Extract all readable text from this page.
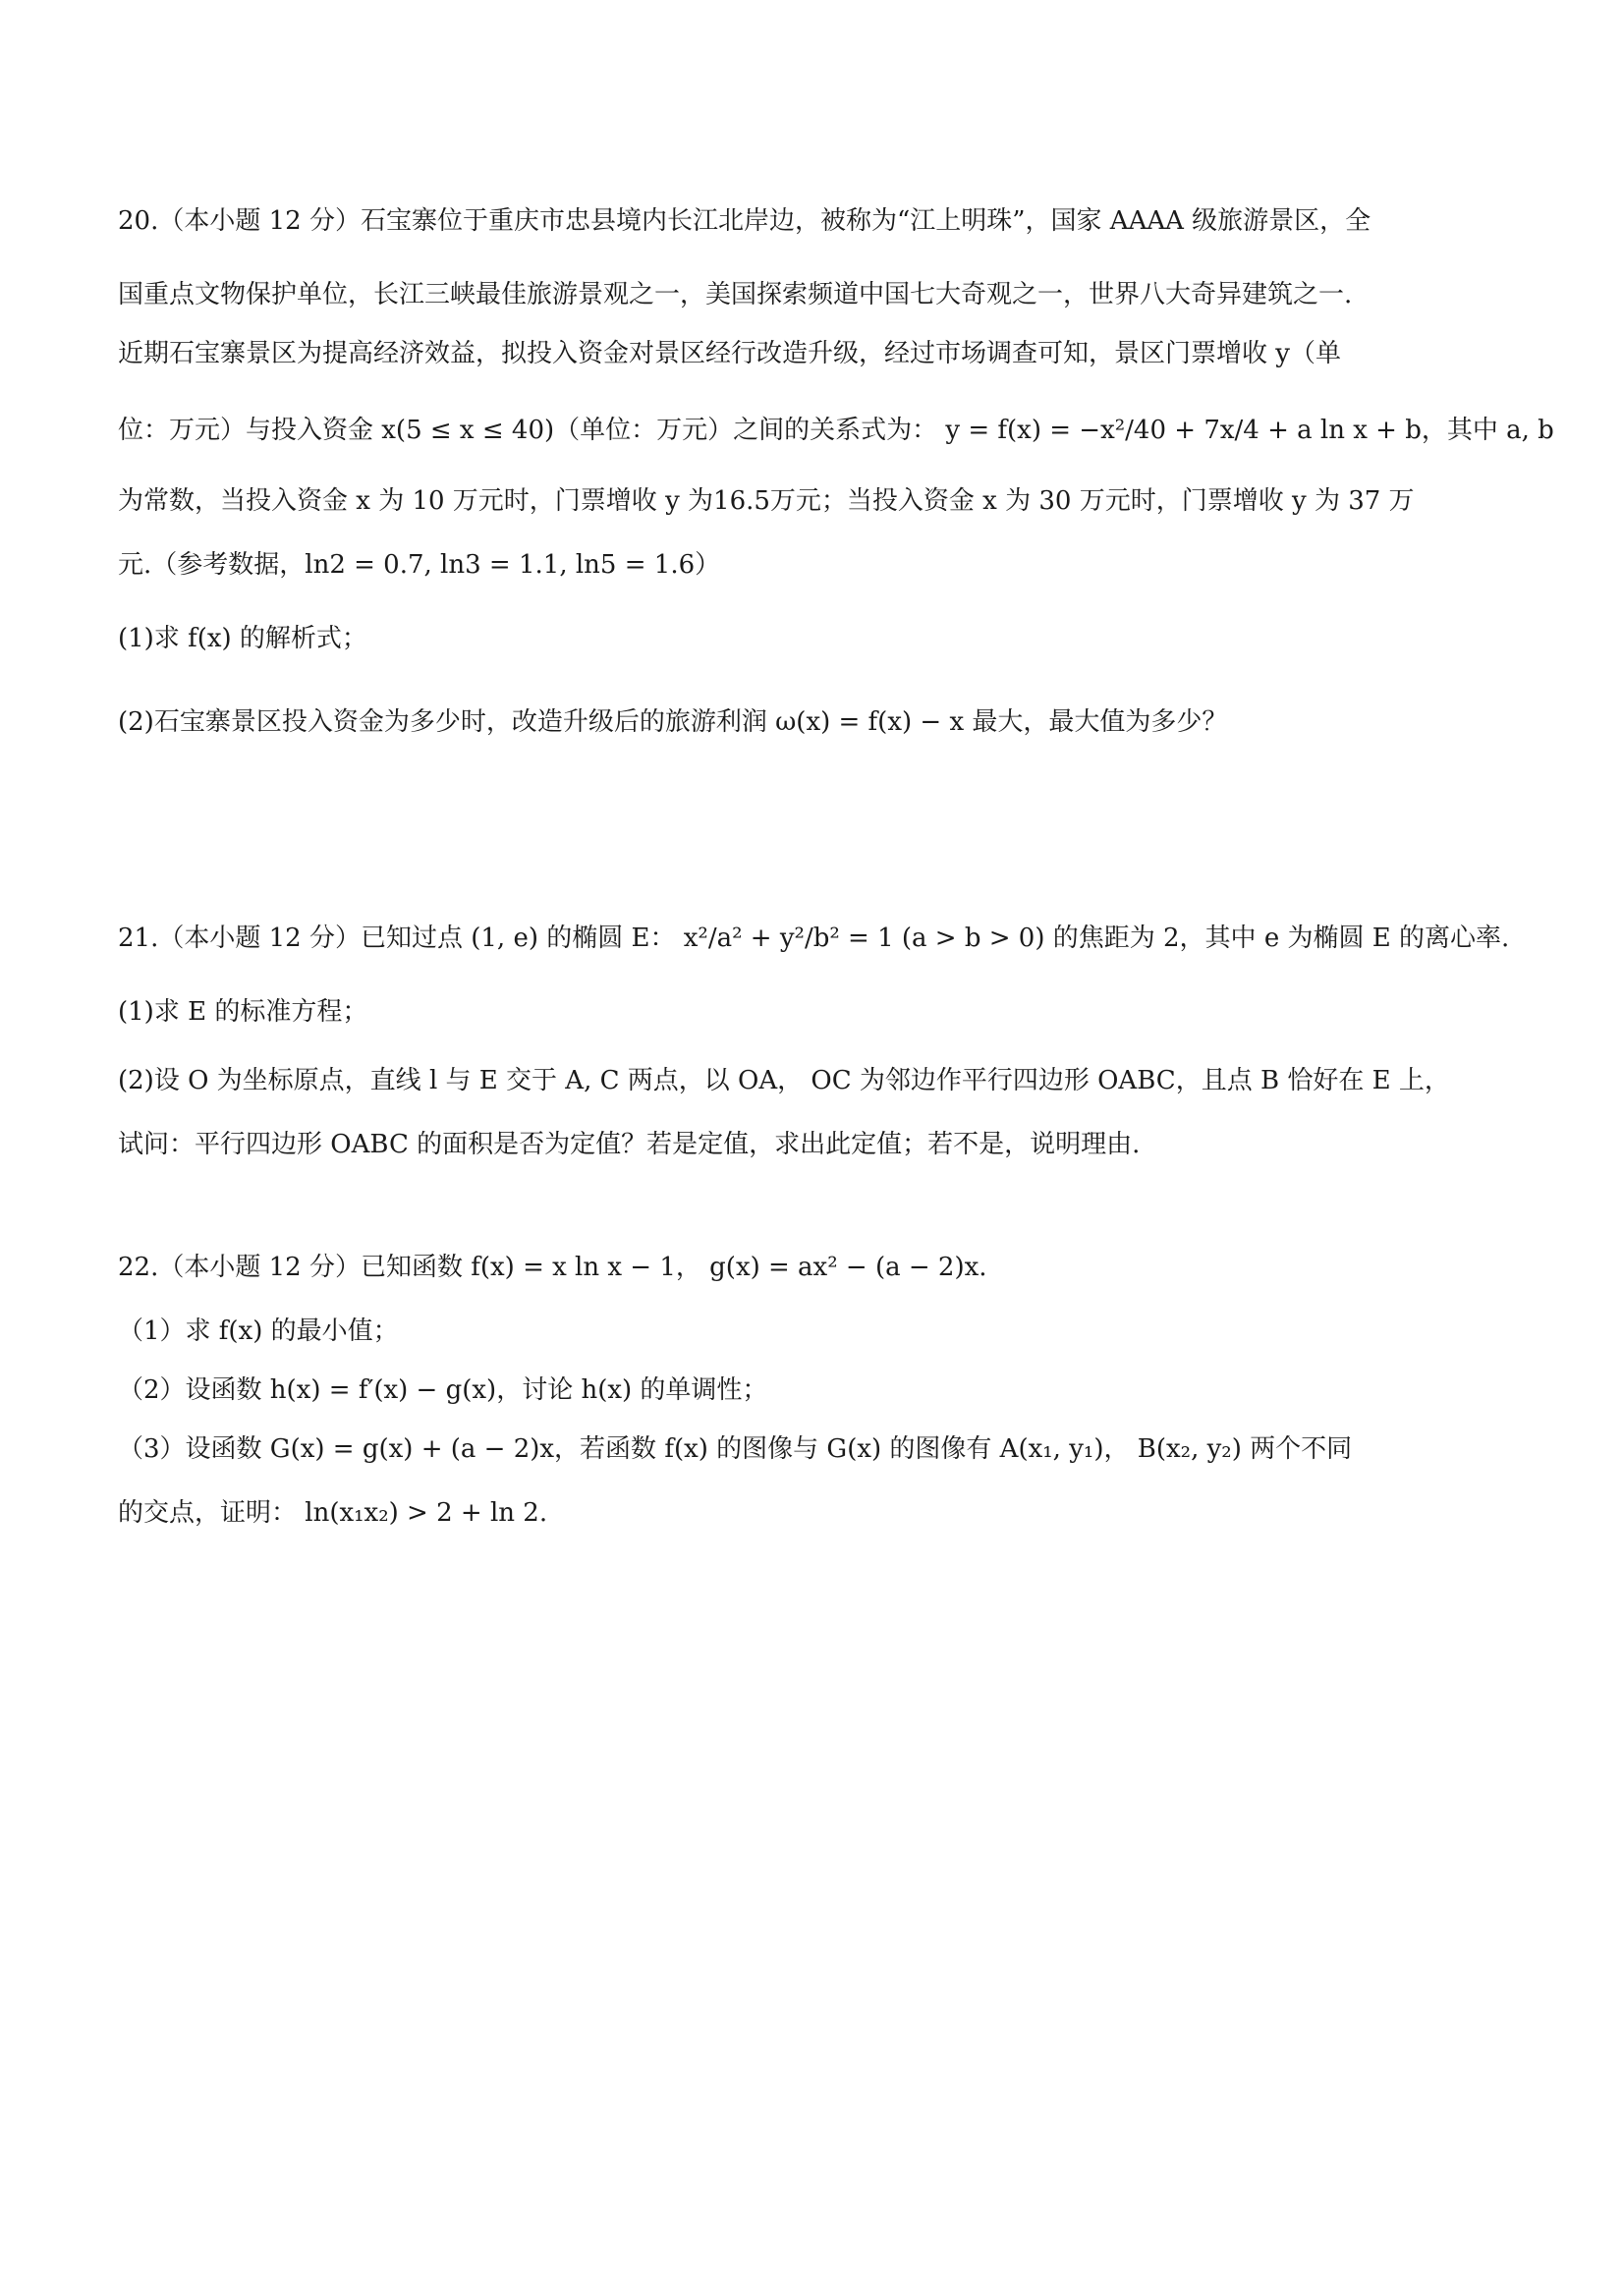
20.（本小题 12 分）石宝寨位于重庆市忠县境内长江北岸边，被称为“江上明珠”，国家 AAAA 级旅游景区，全
国重点文物保护单位，长江三峡最佳旅游景观之一，美国探索频道中国七大奇观之一，世界八大奇异建筑之一.
近期石宝寨景区为提高经济效益，拟投入资金对景区经行改造升级，经过市场调查可知，景区门票增收 y（单
位：万元）与投入资金 x(5 ≤ x ≤ 40)（单位：万元）之间的关系式为： y = f(x) = −x²/40 + 7x/4 + a ln x + b，其中 a, b
为常数，当投入资金 x 为 10 万元时，门票增收 y 为16.5万元；当投入资金 x 为 30 万元时，门票增收 y 为 37 万
元.（参考数据，ln2 = 0.7, ln3 = 1.1, ln5 = 1.6）
(1)求 f(x) 的解析式；
(2)石宝寨景区投入资金为多少时，改造升级后的旅游利润 ω(x) = f(x) − x 最大，最大值为多少？
21.（本小题 12 分）已知过点 (1, e) 的椭圆 E： x²/a² + y²/b² = 1 (a > b > 0) 的焦距为 2，其中 e 为椭圆 E 的离心率.
(1)求 E 的标准方程；
(2)设 O 为坐标原点，直线 l 与 E 交于 A, C 两点，以 OA， OC 为邻边作平行四边形 OABC，且点 B 恰好在 E 上，
试问：平行四边形 OABC 的面积是否为定值？若是定值，求出此定值；若不是，说明理由.
22.（本小题 12 分）已知函数 f(x) = x ln x − 1， g(x) = ax² − (a − 2)x.
（1）求 f(x) 的最小值；
（2）设函数 h(x) = f′(x) − g(x)，讨论 h(x) 的单调性；
（3）设函数 G(x) = g(x) + (a − 2)x，若函数 f(x) 的图像与 G(x) 的图像有 A(x₁, y₁)， B(x₂, y₂) 两个不同
的交点，证明： ln(x₁x₂) > 2 + ln 2.
